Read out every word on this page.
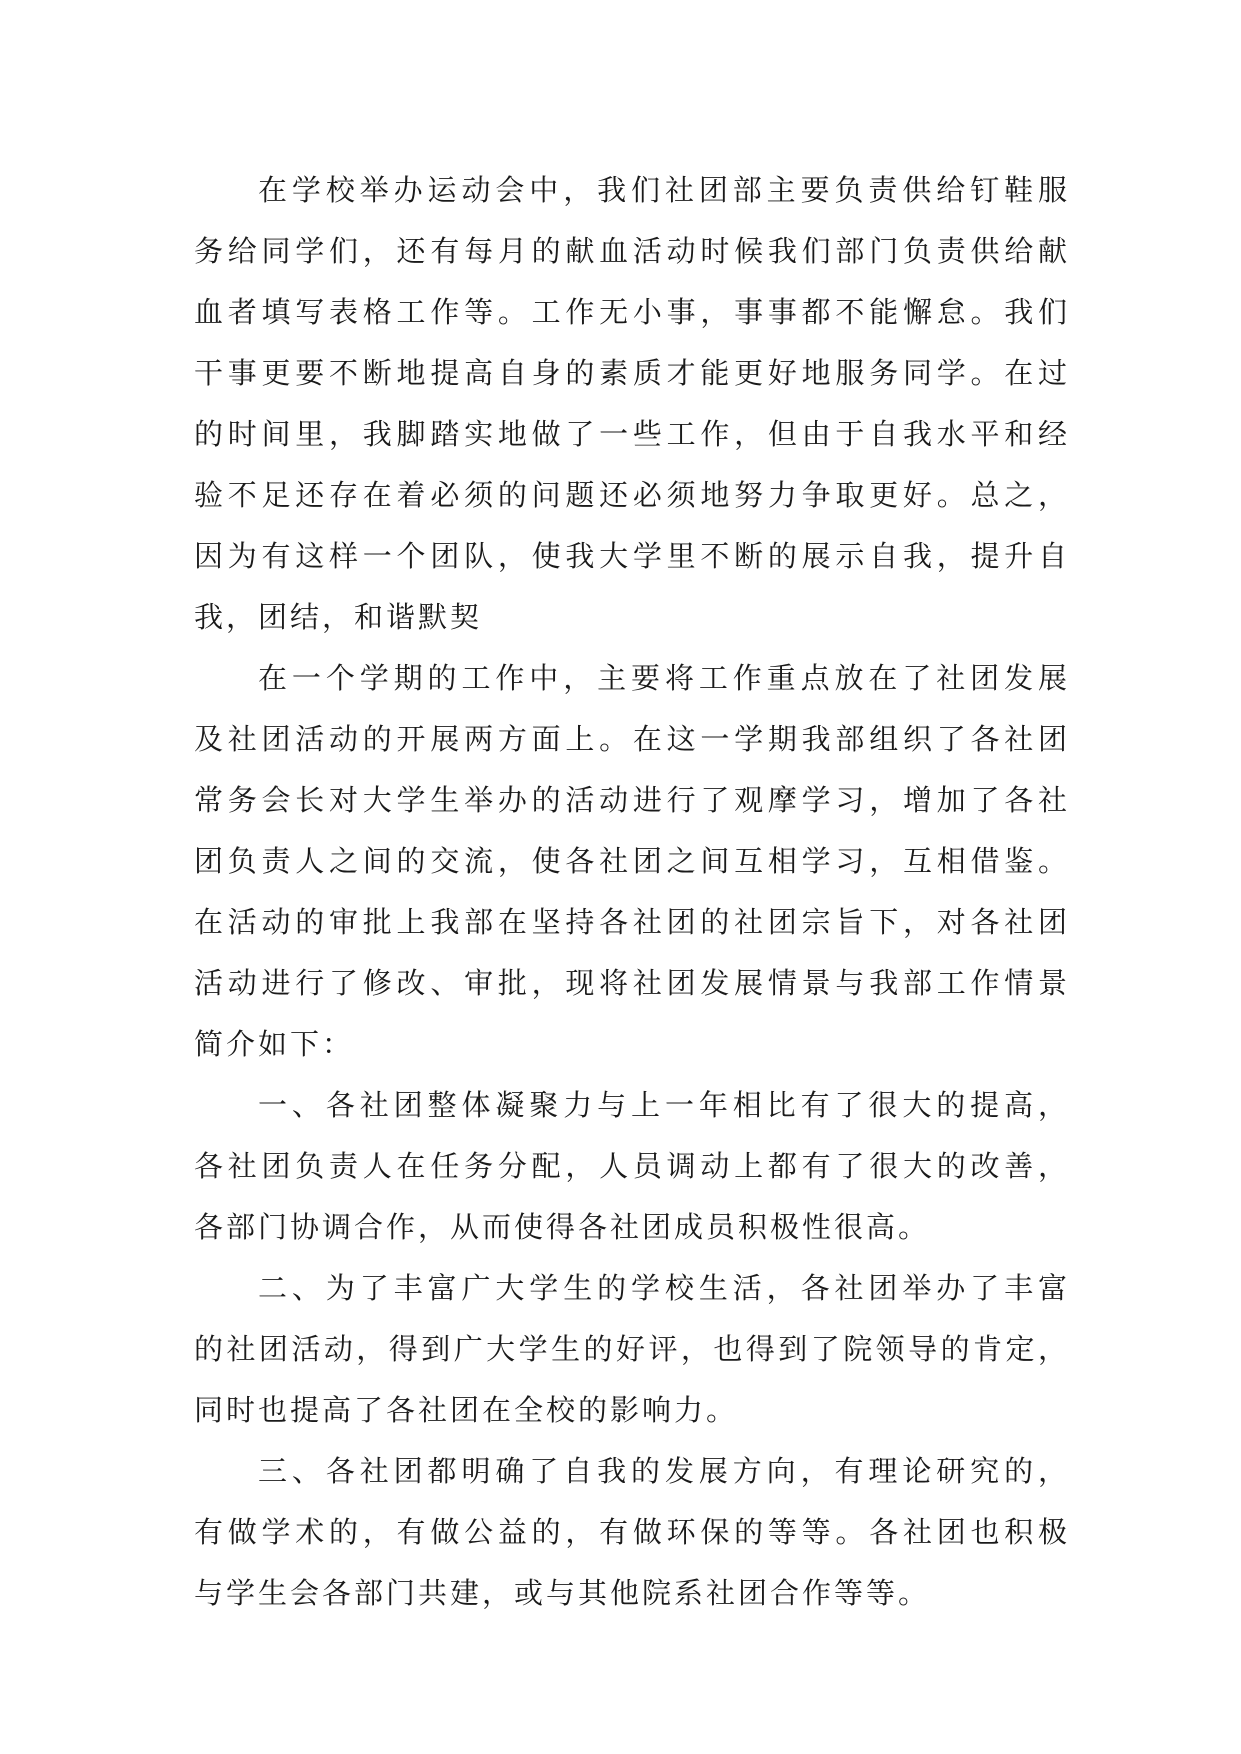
在学校举办运动会中，我们社团部主要负责供给钉鞋服
务给同学们，还有每月的献血活动时候我们部门负责供给献
血者填写表格工作等。工作无小事，事事都不能懈怠。我们
干事更要不断地提高自身的素质才能更好地服务同学。在过
的时间里，我脚踏实地做了一些工作，但由于自我水平和经
验不足还存在着必须的问题还必须地努力争取更好。总之，
因为有这样一个团队，使我大学里不断的展示自我，提升自
我，团结，和谐默契
在一个学期的工作中，主要将工作重点放在了社团发展
及社团活动的开展两方面上。在这一学期我部组织了各社团
常务会长对大学生举办的活动进行了观摩学习，增加了各社
团负责人之间的交流，使各社团之间互相学习，互相借鉴。
在活动的审批上我部在坚持各社团的社团宗旨下，对各社团
活动进行了修改、审批，现将社团发展情景与我部工作情景
简介如下：
一、各社团整体凝聚力与上一年相比有了很大的提高，
各社团负责人在任务分配，人员调动上都有了很大的改善，
各部门协调合作，从而使得各社团成员积极性很高。
二、为了丰富广大学生的学校生活，各社团举办了丰富
的社团活动，得到广大学生的好评，也得到了院领导的肯定，
同时也提高了各社团在全校的影响力。
三、各社团都明确了自我的发展方向，有理论研究的，
有做学术的，有做公益的，有做环保的等等。各社团也积极
与学生会各部门共建，或与其他院系社团合作等等。
